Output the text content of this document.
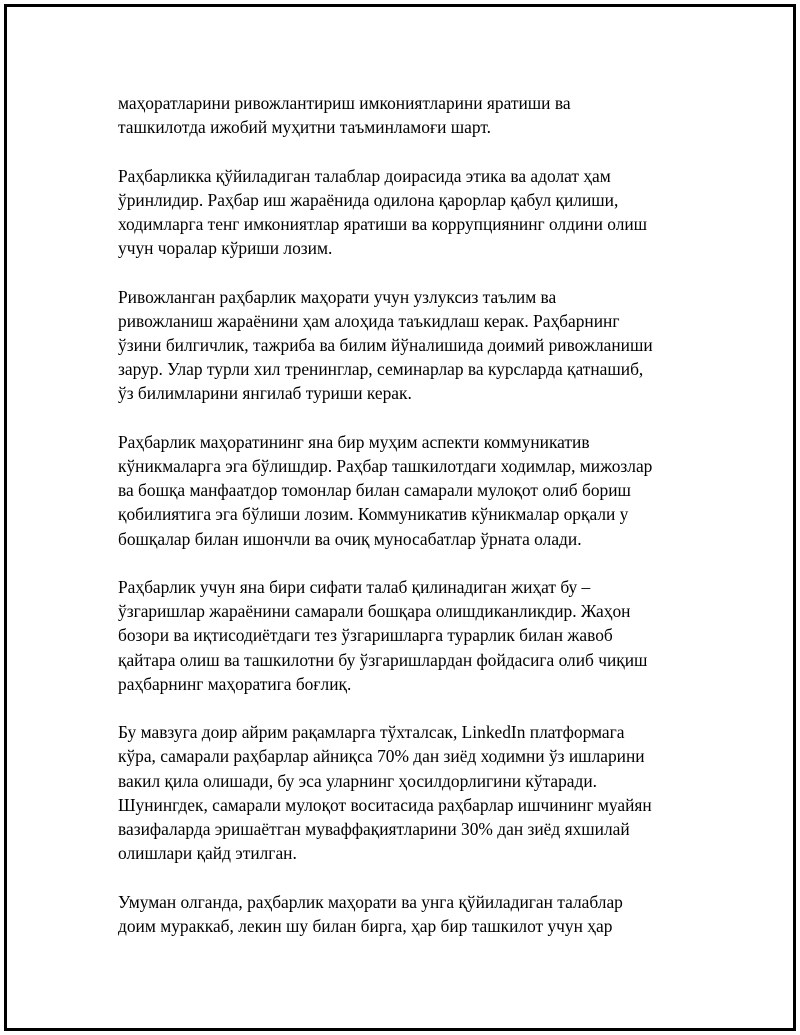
маҳоратларини ривожлантириш имкониятларини яратиши ва
ташкилотда ижобий муҳитни таъминламоғи шарт.

Раҳбарликка қўйиладиган талаблар доирасида этика ва адолат ҳам
ўринлидир. Раҳбар иш жараёнида одилона қарорлар қабул қилиши,
ходимларга тенг имкониятлар яратиши ва коррупциянинг олдини олиш
учун чоралар кўриши лозим.

Ривожланган раҳбарлик маҳорати учун узлуксиз таълим ва
ривожланиш жараёнини ҳам алоҳида таъкидлаш керак. Раҳбарнинг
ўзини билгичлик, тажриба ва билим йўналишида доимий ривожланиши
зарур. Улар турли хил тренинглар, семинарлар ва курсларда қатнашиб,
ўз билимларини янгилаб туриши керак.

Раҳбарлик маҳоратининг яна бир муҳим аспекти коммуникатив
кўникмаларга эга бўлишдир. Раҳбар ташкилотдаги ходимлар, мижозлар
ва бошқа манфаатдор томонлар билан самарали мулоқот олиб бориш
қобилиятига эга бўлиши лозим. Коммуникатив кўникмалар орқали у
бошқалар билан ишончли ва очиқ муносабатлар ўрната олади.

Раҳбарлик учун яна бири сифати талаб қилинадиган жиҳат бу –
ўзгаришлар жараёнини самарали бошқара олишдиканликдир. Жаҳон
бозори ва иқтисодиётдаги тез ўзгаришларга турарлик билан жавоб
қайтара олиш ва ташкилотни бу ўзгаришлардан фойдасига олиб чиқиш
раҳбарнинг маҳоратига боғлиқ.

Бу мавзуга доир айрим рақамларга тўхталсак, LinkedIn платформага
кўра, самарали раҳбарлар айниқса 70% дан зиёд ходимни ўз ишларини
вакил қила олишади, бу эса уларнинг ҳосилдорлигини кўтаради.
Шунингдек, самарали мулоқот воситасида раҳбарлар ишчининг муайян
вазифаларда эришаётган муваффақиятларини 30% дан зиёд яхшилай
олишлари қайд этилган.

Умуман олганда, раҳбарлик маҳорати ва унга қўйиладиган талаблар
доим мураккаб, лекин шу билан бирга, ҳар бир ташкилот учун ҳар
